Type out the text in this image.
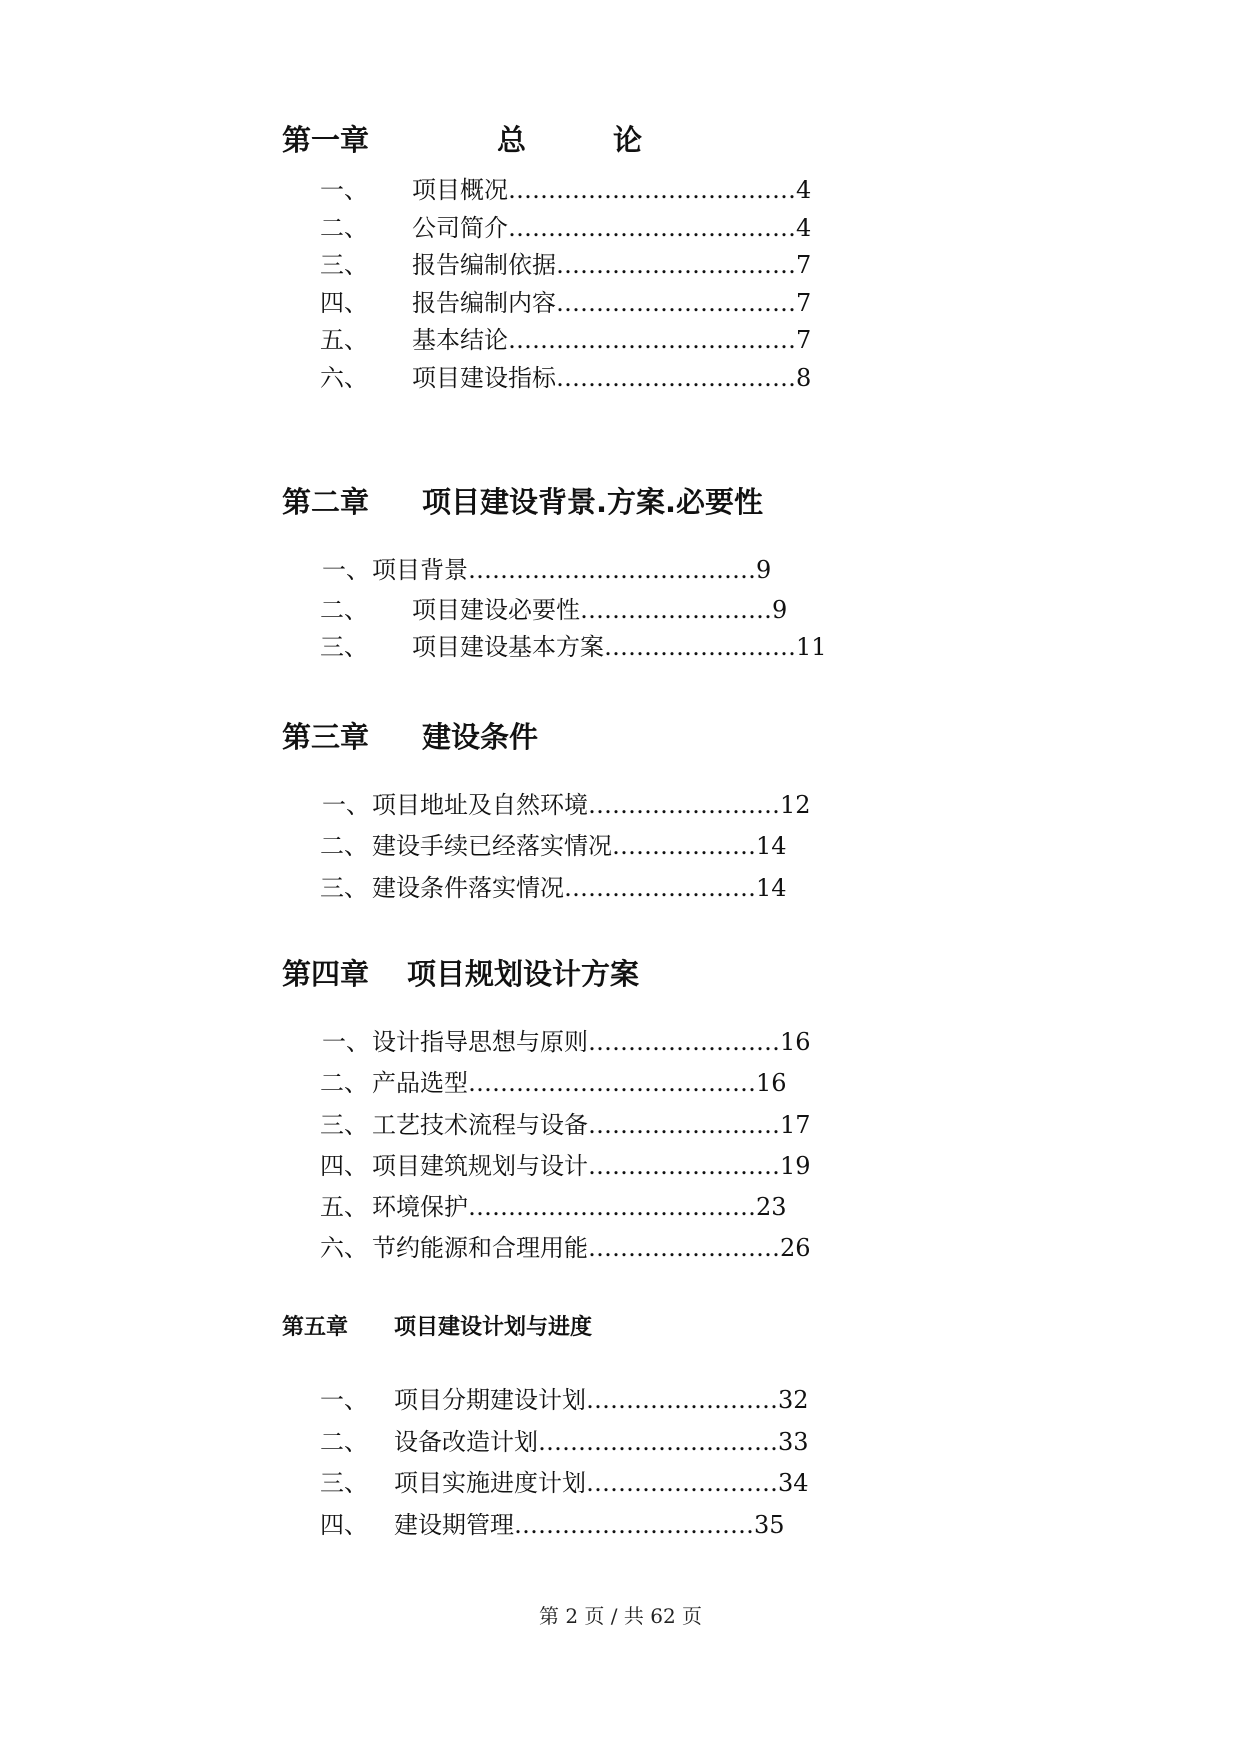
第一章	总　　　论
一、 项目概况………………………………4
二、 公司简介………………………………4
三、 报告编制依据…………………………7
四、 报告编制内容…………………………7
五、 基本结论………………………………7
六、 项目建设指标…………………………8
第二章 项目建设背景.方案.必要性
一、 项目背景………………………………9
二、 项目建设必要性……………………9
三、 项目建设基本方案……………………11
第三章 建设条件
一、 项目地址及自然环境……………………12
二、 建设手续已经落实情况………………14
三、 建设条件落实情况……………………14
第四章 项目规划设计方案
一、 设计指导思想与原则……………………16
二、 产品选型………………………………16
三、 工艺技术流程与设备……………………17
四、 项目建筑规划与设计……………………19
五、 环境保护………………………………23
六、 节约能源和合理用能……………………26
第五章 项目建设计划与进度
一、 项目分期建设计划……………………32
二、 设备改造计划…………………………33
三、 项目实施进度计划……………………34
四、 建设期管理…………………………35
第 2 页 / 共 62 页
